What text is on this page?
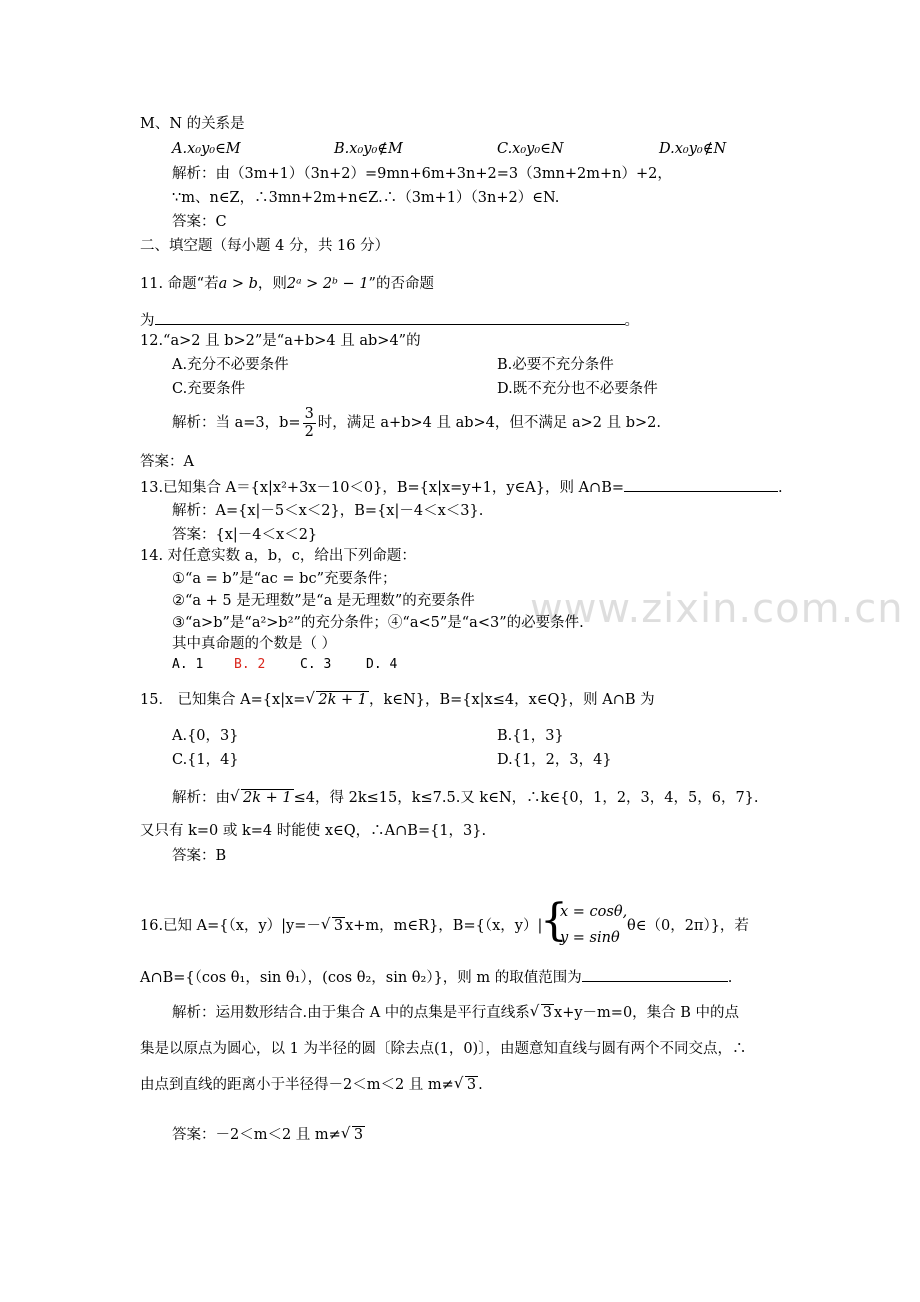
www.zixin.com.cn
M、N 的关系是
A.x₀y₀∈M	B.x₀y₀∉M	C.x₀y₀∈N	D.x₀y₀∉N
解析：由（3m+1）（3n+2）=9mn+6m+3n+2=3（3mn+2m+n）+2，
∵m、n∈Z，∴3mn+2m+n∈Z.∴（3m+1）（3n+2）∈N.
答案：C
二、填空题（每小题 4 分，共 16 分）
11. 命题“若a > b，则2ᵃ > 2ᵇ − 1”的否命题
为	。
12.“a>2 且 b>2”是“a+b>4 且 ab>4”的
A.充分不必要条件	B.必要不充分条件
C.充要条件	D.既不充分也不必要条件
解析：当 a=3，$b= \frac{3}{2}$ 时，满足 a+b>4 且 ab>4，但不满足 a>2 且 b>2.
答案：A
13.已知集合 A＝{x|x²+3x－10＜0}，B={x|x=y+1，y∈A}，则 A∩B=	.
解析：A={x|－5＜x＜2}，B={x|－4＜x＜3}.
答案：{x|－4＜x＜2}
14. 对任意实数 a，b，c，给出下列命题：
①“a = b”是“ac = bc”充要条件；
②“a + 5 是无理数”是“a 是无理数”的充要条件
③“a>b”是“a²>b²”的充分条件；④“a<5”是“a<3”的必要条件.
其中真命题的个数是（ ）
A. 1 B. 2	C. 3	D. 4
15． 已知集合 A={x|x= √ 2k + 1 ，k∈N}，B={x|x≤4，x∈Q}，则 A∩B 为
A.{0，3}	B.{1，3}
C.{1，4}	D.{1，2，3，4}
解析：由 √ 2k + 1 ≤4，得 2k≤15，k≤7.5.又 k∈N，∴k∈{0，1，2，3，4，5，6，7}.
又只有 k=0 或 k=4 时能使 x∈Q，∴A∩B={1，3}.
答案：B
16.已知 A={（x，y）|y=－ √ 3 x+m，m∈R}，B={（x，y）|
{
x = cosθ,
y = sinθ
θ∈（0，2π）}，若
A∩B={（cos θ₁，sin θ₁），(cos θ₂，sin θ₂）}，则 m 的取值范围为	.
解析：运用数形结合.由于集合 A 中的点集是平行直线系 √ 3 x+y－m=0，集合 B 中的点
集是以原点为圆心，以 1 为半径的圆〔除去点(1，0)〕，由题意知直线与圆有两个不同交点，∴
由点到直线的距离小于半径得－2＜m＜2 且 m≠ √ 3 .
答案：－2＜m＜2 且 m≠ √ 3
